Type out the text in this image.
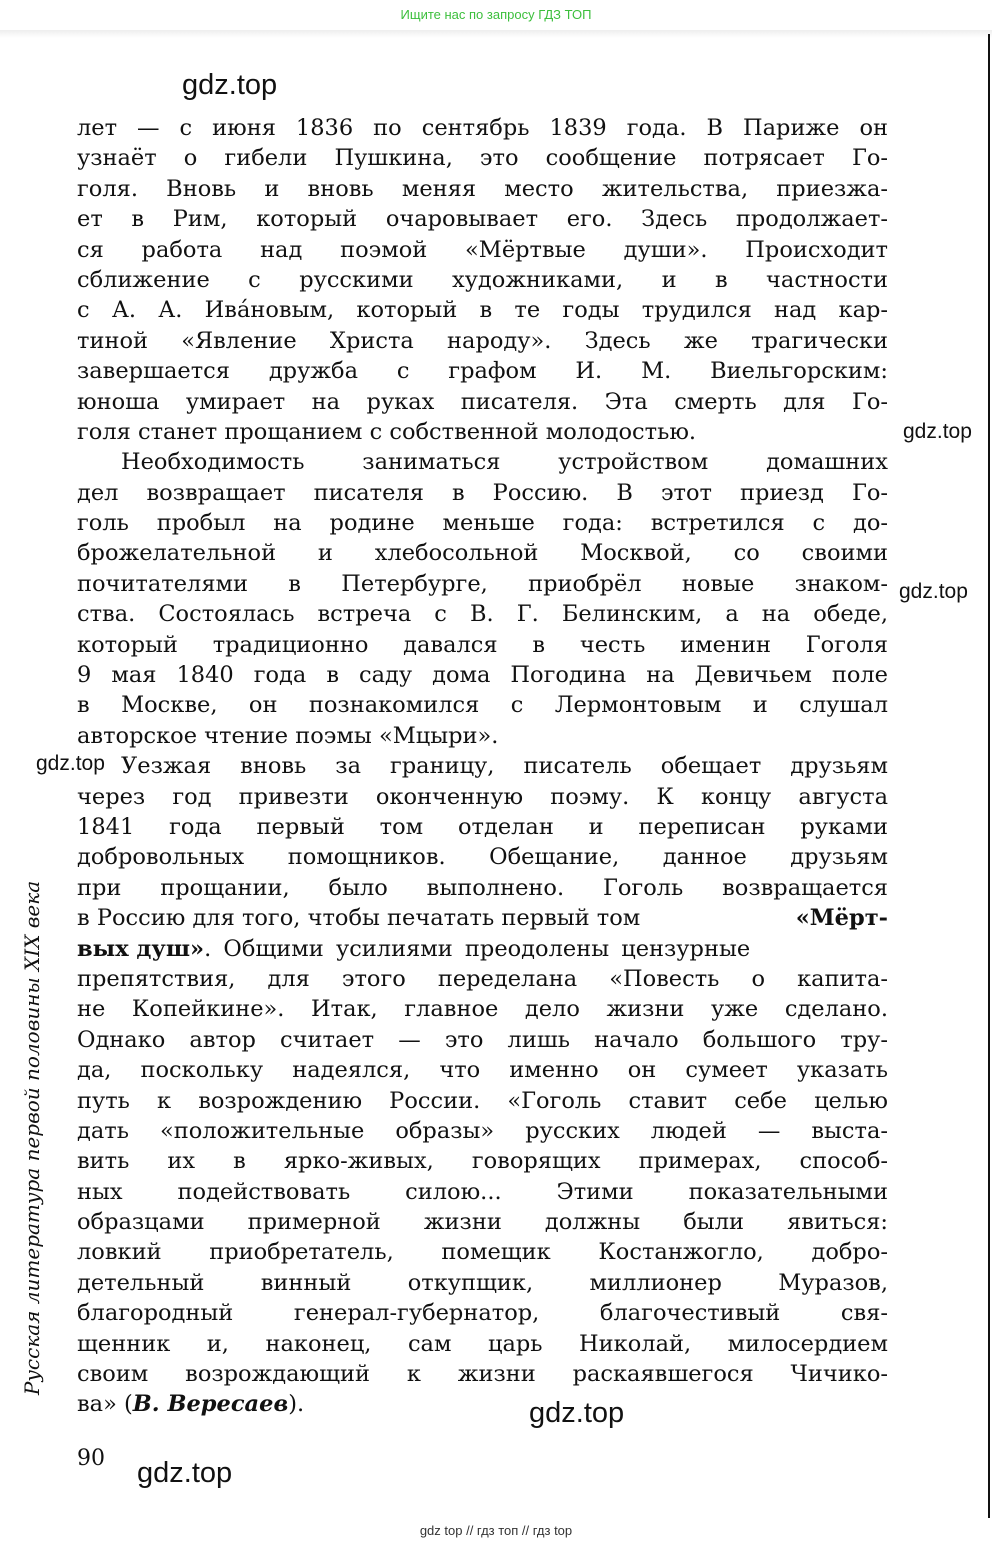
Ищите нас по запросу ГДЗ ТОП
gdz.top
gdz.top
gdz.top
gdz.top
gdz.top
gdz.top
Русская литература первой половины XIX века
лет — с июня 1836 по сентябрь 1839 года. В Париже он
узнаёт о гибели Пушкина, это сообщение потрясает Го-
голя. Вновь и вновь меняя место жительства, приезжа-
ет в Рим, который очаровывает его. Здесь продолжает-
ся работа над поэмой «Мёртвые души». Происходит
сближение с русскими художниками, и в частности
с А. А. Ива́новым, который в те годы трудился над кар-
тиной «Явление Христа народу». Здесь же трагически
завершается дружба с графом И. М. Виельгорским:
юноша умирает на руках писателя. Эта смерть для Го-
голя станет прощанием с собственной молодостью.
Необходимость заниматься устройством домашних
дел возвращает писателя в Россию. В этот приезд Го-
голь пробыл на родине меньше года: встретился с до-
брожелательной и хлебосольной Москвой, со своими
почитателями в Петербурге, приобрёл новые знаком-
ства. Состоялась встреча с В. Г. Белинским, а на обеде,
который традиционно давался в честь именин Гоголя
9 мая 1840 года в саду дома Погодина на Девичьем поле
в Москве, он познакомился с Лермонтовым и слушал
авторское чтение поэмы «Мцыри».
Уезжая вновь за границу, писатель обещает друзьям
через год привезти оконченную поэму. К концу августа
1841 года первый том отделан и переписан руками
добровольных помощников. Обещание, данное друзьям
при прощании, было выполнено. Гоголь возвращается
в Россию для того, чтобы печатать первый том	«Мёрт-
вых душ». Общими усилиями преодолены цензурные
препятствия, для этого переделана «Повесть о капита-
не Копейкине». Итак, главное дело жизни уже сделано.
Однако автор считает — это лишь начало большого тру-
да, поскольку надеялся, что именно он сумеет указать
путь к возрождению России. «Гоголь ставит себе целью
дать «положительные образы» русских людей — выста-
вить их в ярко-живых, говорящих примерах, способ-
ных подействовать силою... Этими показательными
образцами примерной жизни должны были явиться:
ловкий приобретатель, помещик Костанжогло, добро-
детельный винный откупщик, миллионер Муразов,
благородный генерал-губернатор, благочестивый свя-
щенник и, наконец, сам царь Николай, милосердием
своим возрождающий к жизни раскаявшегося Чичико-
ва» (В. Вересаев).
90
gdz top // гдз топ // гдз top
